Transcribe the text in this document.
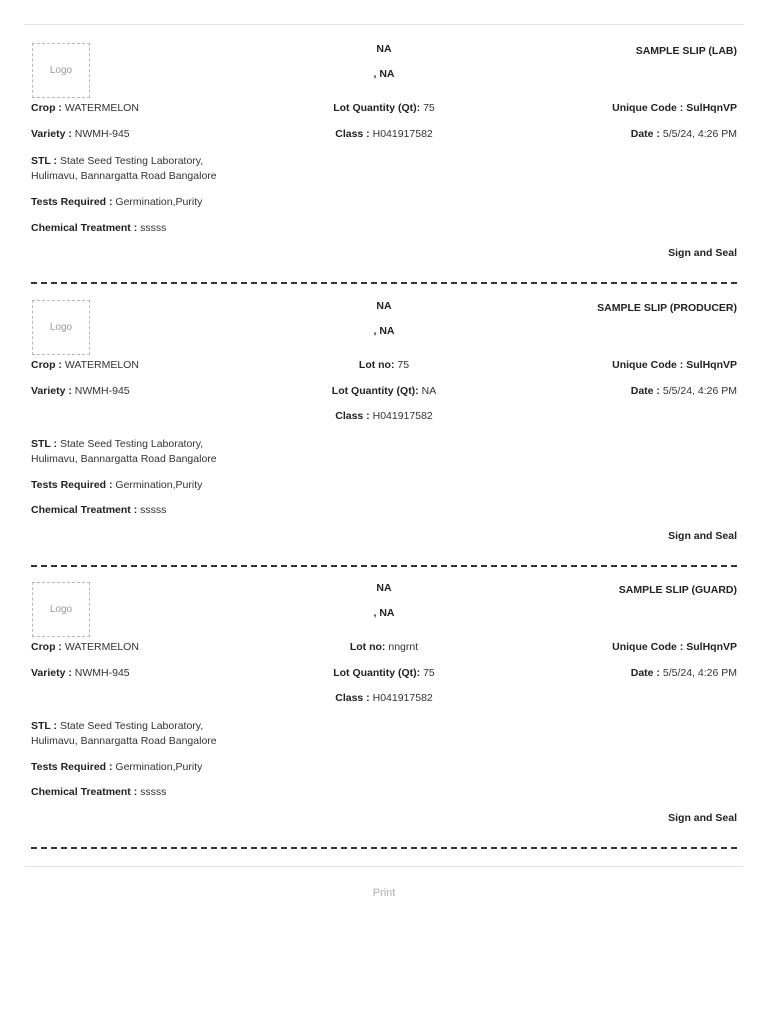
Logo
NA
, NA
SAMPLE SLIP (LAB)
Crop : WATERMELON	Lot Quantity (Qt): 75	Unique Code : SulHqnVP
Variety : NWMH-945	Class : H041917582	Date : 5/5/24, 4:26 PM
STL : State Seed Testing Laboratory, Hulimavu, Bannargatta Road Bangalore
Tests Required : Germination,Purity
Chemical Treatment : sssss
Sign and Seal
Logo
NA
, NA
SAMPLE SLIP (PRODUCER)
Crop : WATERMELON	Lot no: 75	Unique Code : SulHqnVP
Variety : NWMH-945	Lot Quantity (Qt): NA	Date : 5/5/24, 4:26 PM
Class : H041917582
STL : State Seed Testing Laboratory, Hulimavu, Bannargatta Road Bangalore
Tests Required : Germination,Purity
Chemical Treatment : sssss
Sign and Seal
Logo
NA
, NA
SAMPLE SLIP (GUARD)
Crop : WATERMELON	Lot no: nngrnt	Unique Code : SulHqnVP
Variety : NWMH-945	Lot Quantity (Qt): 75	Date : 5/5/24, 4:26 PM
Class : H041917582
STL : State Seed Testing Laboratory, Hulimavu, Bannargatta Road Bangalore
Tests Required : Germination,Purity
Chemical Treatment : sssss
Sign and Seal
Print
